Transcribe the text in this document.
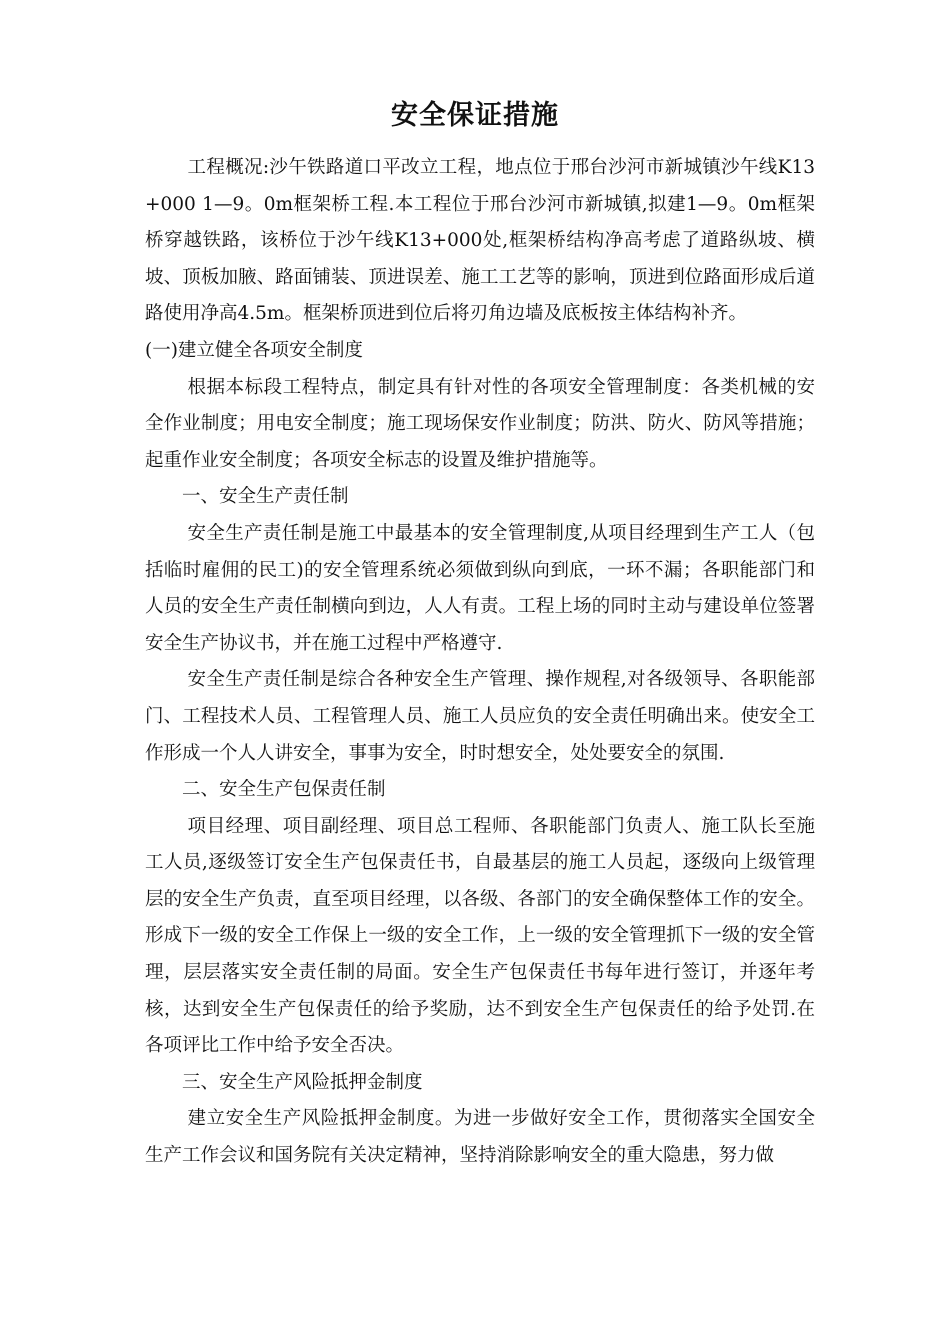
安全保证措施

工程概况:沙午铁路道口平改立工程，地点位于邢台沙河市新城镇沙午线K13+000 1—9。0m框架桥工程.本工程位于邢台沙河市新城镇,拟建1—9。0m框架桥穿越铁路，该桥位于沙午线K13+000处,框架桥结构净高考虑了道路纵坡、横坡、顶板加腋、路面铺装、顶进误差、施工工艺等的影响，顶进到位路面形成后道路使用净高4.5m。框架桥顶进到位后将刃角边墙及底板按主体结构补齐。

(一)建立健全各项安全制度

根据本标段工程特点，制定具有针对性的各项安全管理制度：各类机械的安全作业制度；用电安全制度；施工现场保安作业制度；防洪、防火、防风等措施；起重作业安全制度；各项安全标志的设置及维护措施等。

一、安全生产责任制

安全生产责任制是施工中最基本的安全管理制度,从项目经理到生产工人（包括临时雇佣的民工)的安全管理系统必须做到纵向到底，一环不漏；各职能部门和人员的安全生产责任制横向到边，人人有责。工程上场的同时主动与建设单位签署安全生产协议书，并在施工过程中严格遵守.

安全生产责任制是综合各种安全生产管理、操作规程,对各级领导、各职能部门、工程技术人员、工程管理人员、施工人员应负的安全责任明确出来。使安全工作形成一个人人讲安全，事事为安全，时时想安全，处处要安全的氛围.

二、安全生产包保责任制

项目经理、项目副经理、项目总工程师、各职能部门负责人、施工队长至施工人员,逐级签订安全生产包保责任书，自最基层的施工人员起，逐级向上级管理层的安全生产负责，直至项目经理，以各级、各部门的安全确保整体工作的安全。形成下一级的安全工作保上一级的安全工作，上一级的安全管理抓下一级的安全管理，层层落实安全责任制的局面。安全生产包保责任书每年进行签订，并逐年考核，达到安全生产包保责任的给予奖励，达不到安全生产包保责任的给予处罚.在各项评比工作中给予安全否决。

三、安全生产风险抵押金制度

建立安全生产风险抵押金制度。为进一步做好安全工作，贯彻落实全国安全生产工作会议和国务院有关决定精神，坚持消除影响安全的重大隐患，努力做
